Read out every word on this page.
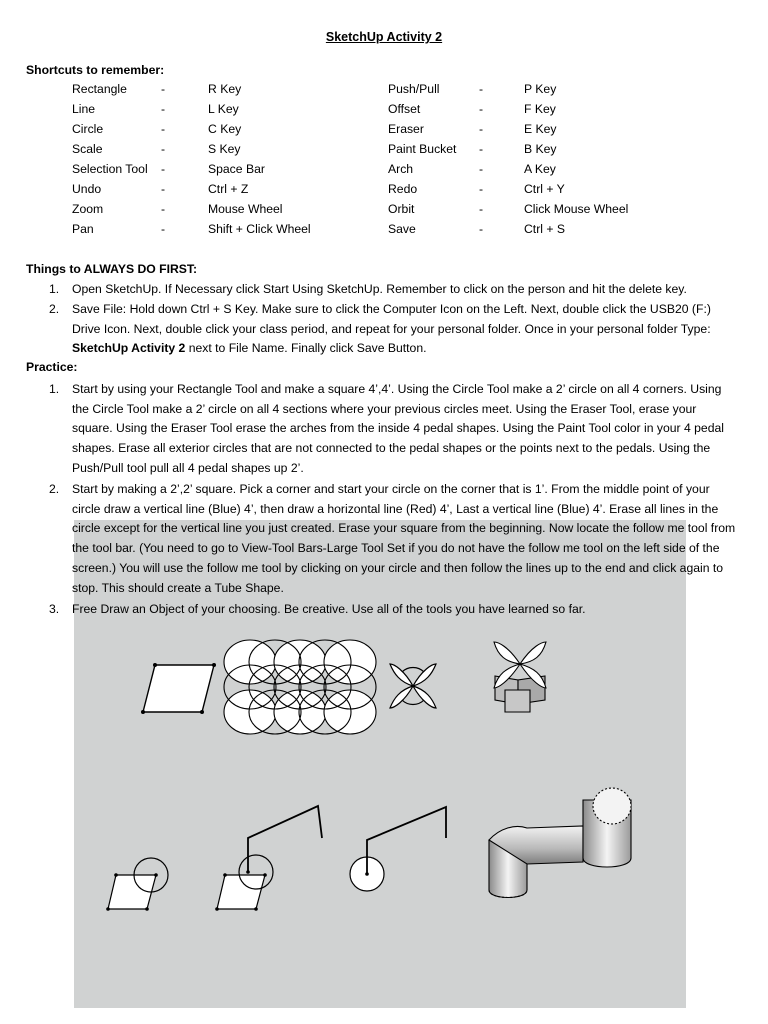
SketchUp Activity 2
Shortcuts to remember:
Rectangle	-	R Key	Push/Pull	-	P Key
Line	-	L Key	Offset	-	F Key
Circle	-	C Key	Eraser	-	E Key
Scale	-	S Key	Paint Bucket -	B Key
Selection Tool -	Space Bar	Arch	-	A Key
Undo	-	Ctrl + Z	Redo	-	Ctrl + Y
Zoom	-	Mouse Wheel	Orbit	-	Click Mouse Wheel
Pan	-	Shift + Click Wheel	Save	-	Ctrl + S
Things to ALWAYS DO FIRST:
1. Open SketchUp. If Necessary click Start Using SketchUp. Remember to click on the person and hit the delete key.
2. Save File: Hold down Ctrl + S Key. Make sure to click the Computer Icon on the Left. Next, double click the USB20 (F:) Drive Icon. Next, double click your class period, and repeat for your personal folder. Once in your personal folder Type: SketchUp Activity 2 next to File Name. Finally click Save Button.
Practice:
1. Start by using your Rectangle Tool and make a square 4’,4’. Using the Circle Tool make a 2’ circle on all 4 corners. Using the Circle Tool make a 2’ circle on all 4 sections where your previous circles meet. Using the Eraser Tool, erase your square. Using the Eraser Tool erase the arches from the inside 4 pedal shapes. Using the Paint Tool color in your 4 pedal shapes. Erase all exterior circles that are not connected to the pedal shapes or the points next to the pedals. Using the Push/Pull tool pull all 4 pedal shapes up 2’.
2. Start by making a 2’,2’ square. Pick a corner and start your circle on the corner that is 1’. From the middle point of your circle draw a vertical line (Blue) 4’, then draw a horizontal line (Red) 4’, Last a vertical line (Blue) 4’. Erase all lines in the circle except for the vertical line you just created. Erase your square from the beginning. Now locate the follow me tool from the tool bar. (You need to go to View-Tool Bars-Large Tool Set if you do not have the follow me tool on the left side of the screen.) You will use the follow me tool by clicking on your circle and then follow the lines up to the end and click again to stop. This should create a Tube Shape.
3. Free Draw an Object of your choosing. Be creative. Use all of the tools you have learned so far.
